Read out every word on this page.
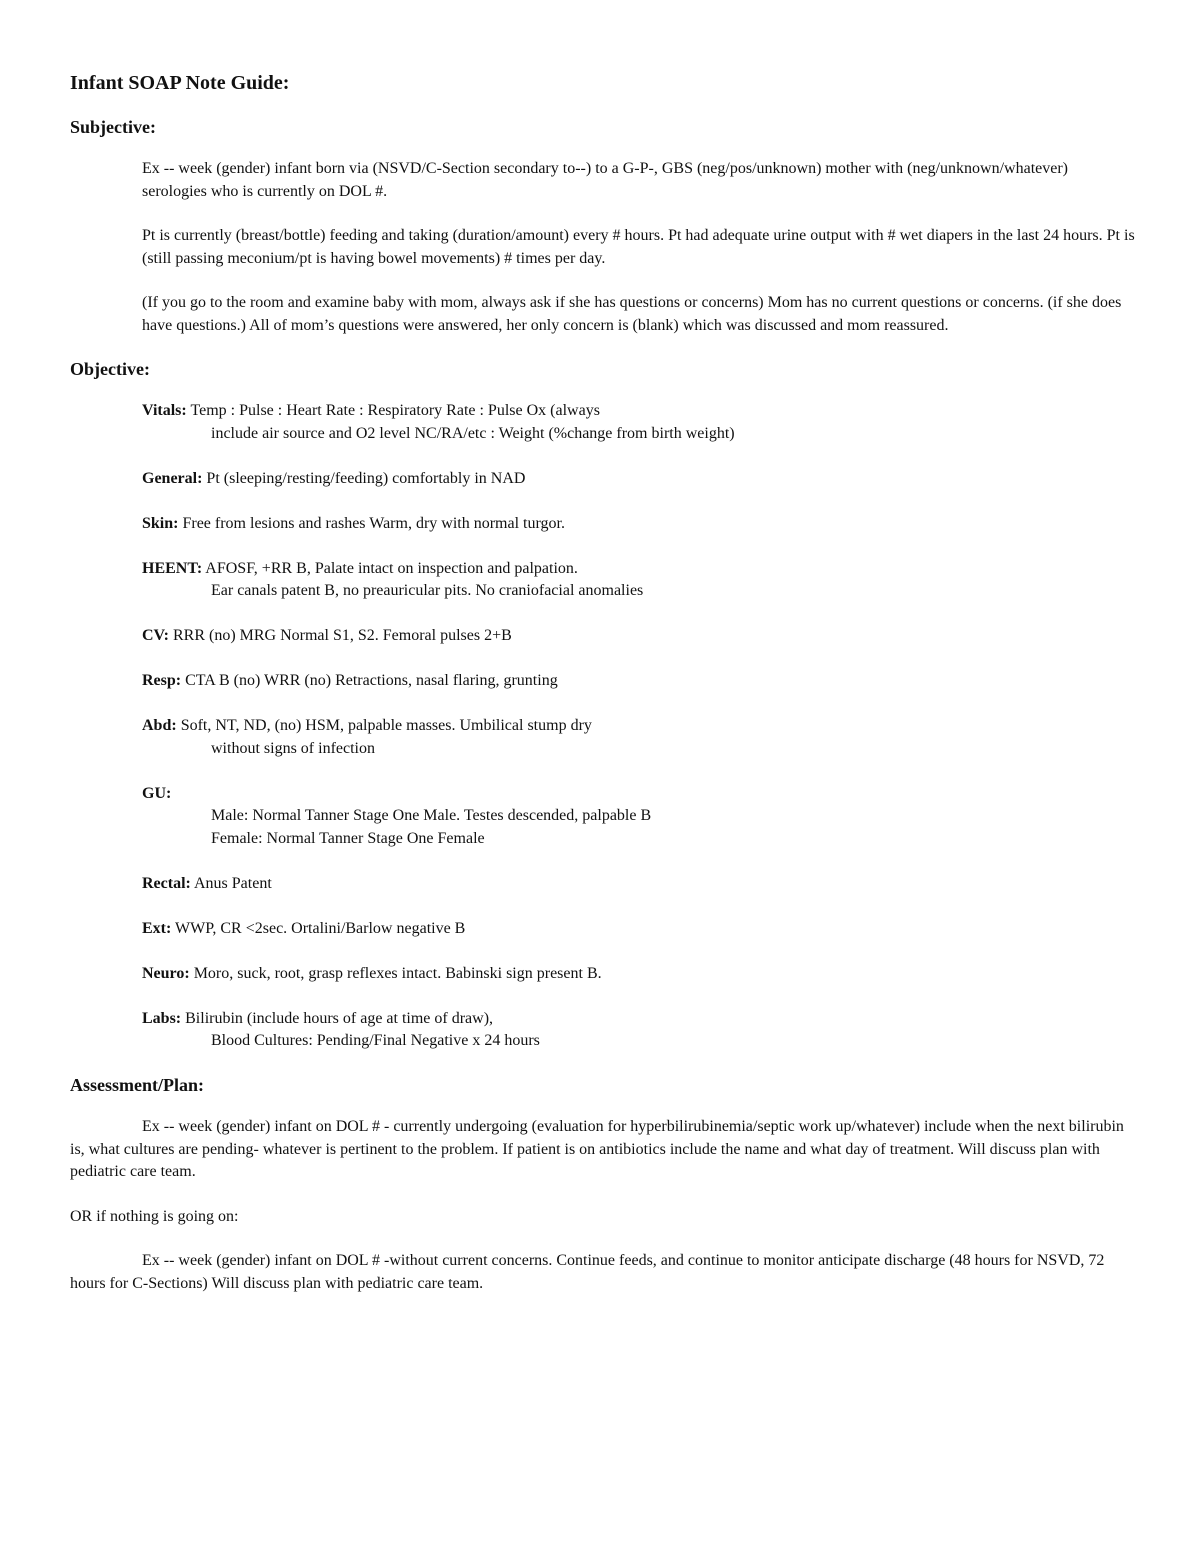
Infant SOAP Note Guide:
Subjective:

Ex -- week (gender) infant born via (NSVD/C-Section secondary to--) to a G-P-, GBS (neg/pos/unknown) mother with (neg/unknown/whatever) serologies who is currently on DOL #.

Pt is currently (breast/bottle) feeding and taking (duration/amount) every # hours. Pt had adequate urine output with # wet diapers in the last 24 hours. Pt is (still passing meconium/pt is having bowel movements) # times per day.

(If you go to the room and examine baby with mom, always ask if she has questions or concerns) Mom has no current questions or concerns. (if she does have questions.) All of mom’s questions were answered, her only concern is (blank) which was discussed and mom reassured.

Objective:
Vitals: Temp : Pulse : Heart Rate : Respiratory Rate : Pulse Ox (always
include air source and O2 level NC/RA/etc : Weight (%change from birth weight)
General: Pt (sleeping/resting/feeding) comfortably in NAD
Skin: Free from lesions and rashes Warm, dry with normal turgor.
HEENT: AFOSF, +RR B, Palate intact on inspection and palpation.
Ear canals patent B, no preauricular pits. No craniofacial anomalies
CV: RRR (no) MRG Normal S1, S2. Femoral pulses 2+B
Resp: CTA B (no) WRR (no) Retractions, nasal flaring, grunting
Abd: Soft, NT, ND, (no) HSM, palpable masses. Umbilical stump dry
without signs of infection
GU:
Male: Normal Tanner Stage One Male. Testes descended, palpable B
Female: Normal Tanner Stage One Female
Rectal: Anus Patent
Ext: WWP, CR <2sec. Ortalini/Barlow negative B
Neuro: Moro, suck, root, grasp reflexes intact. Babinski sign present B.
Labs: Bilirubin (include hours of age at time of draw),
Blood Cultures: Pending/Final Negative x 24 hours
Assessment/Plan:

Ex -- week (gender) infant on DOL # - currently undergoing (evaluation for hyperbilirubinemia/septic work up/whatever) include when the next bilirubin is, what cultures are pending- whatever is pertinent to the problem. If patient is on antibiotics include the name and what day of treatment. Will discuss plan with pediatric care team.

OR if nothing is going on:

Ex -- week (gender) infant on DOL # -without current concerns. Continue feeds, and continue to monitor anticipate discharge (48 hours for NSVD, 72 hours for C-Sections) Will discuss plan with pediatric care team.
